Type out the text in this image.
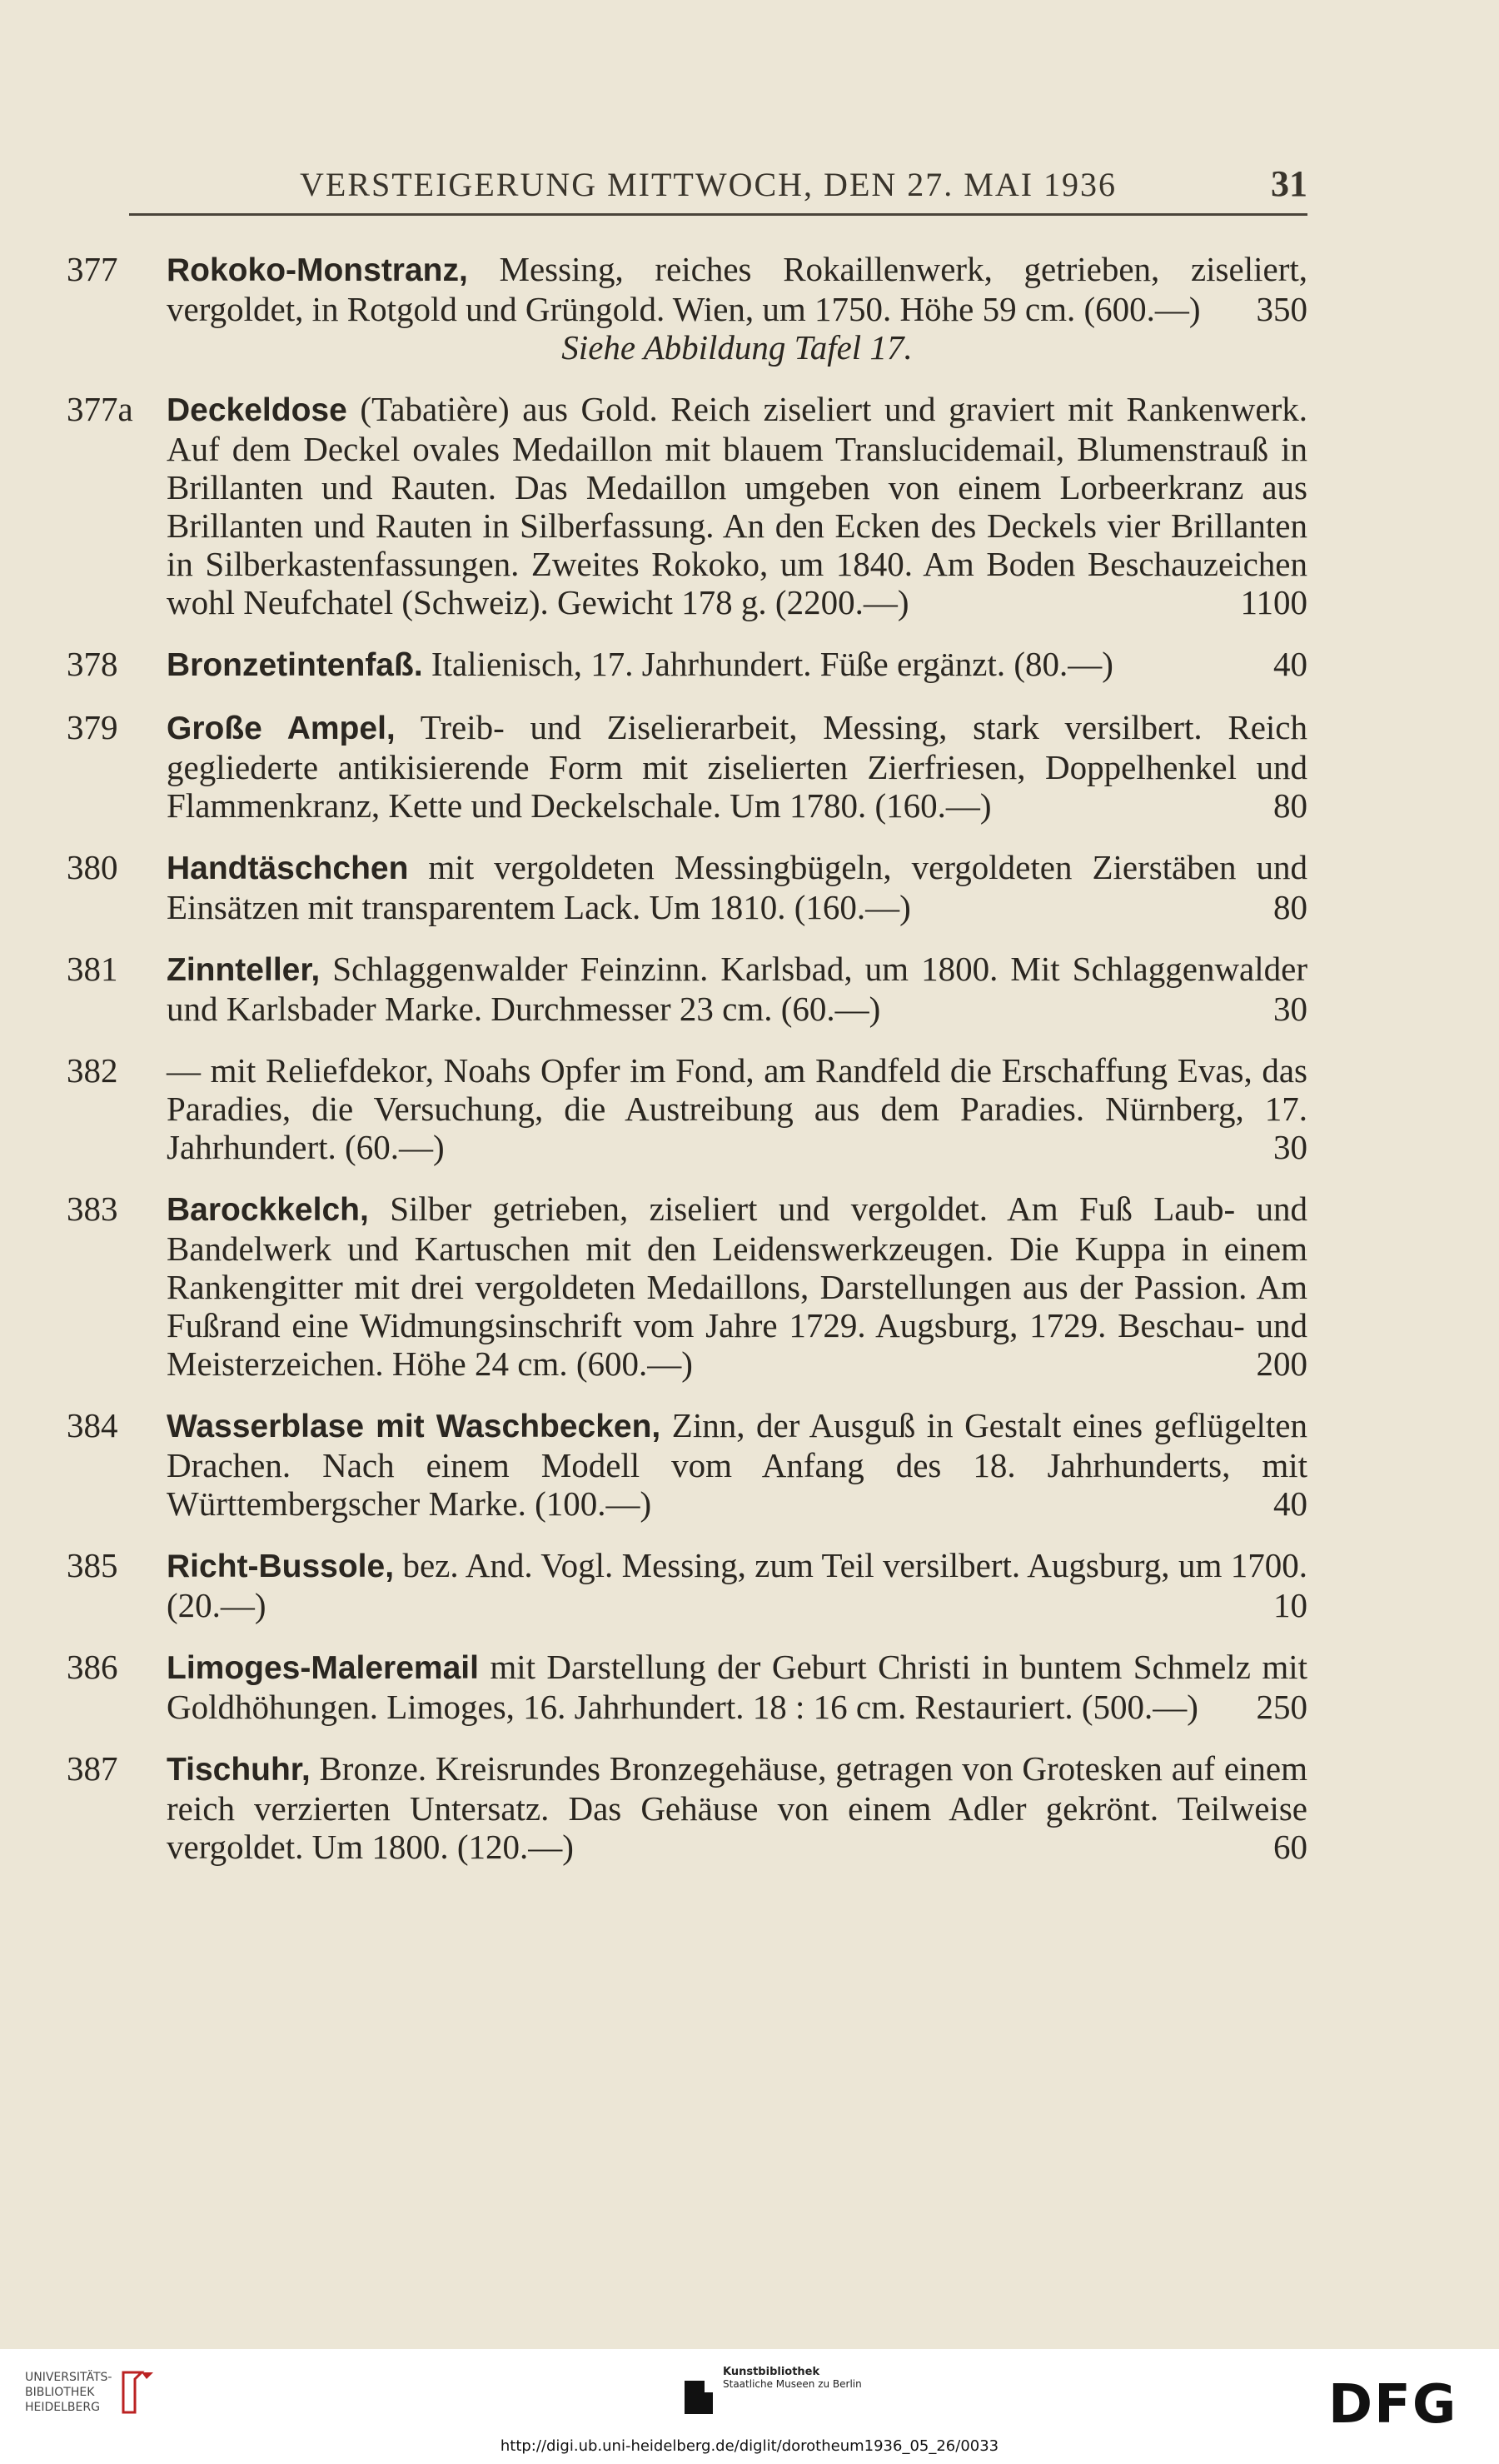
VERSTEIGERUNG MITTWOCH, DEN 27. MAI 1936	31
377	Rokoko-Monstranz, Messing, reiches Rokaillenwerk, getrieben, ziseliert, vergoldet, in Rotgold und Grüngold. Wien, um 1750. Höhe 59 cm. (600.—) 350
Siehe Abbildung Tafel 17.
377a	Deckeldose (Tabatière) aus Gold. Reich ziseliert und graviert mit Rankenwerk. Auf dem Deckel ovales Medaillon mit blauem Translucidemail, Blumenstrauß in Brillanten und Rauten. Das Medaillon umgeben von einem Lorbeerkranz aus Brillanten und Rauten in Silberfassung. An den Ecken des Deckels vier Brillanten in Silberkastenfassungen. Zweites Rokoko, um 1840. Am Boden Beschauzeichen wohl Neufchatel (Schweiz). Gewicht 178 g. (2200.—)	1100
378	Bronzetintenfaß. Italienisch, 17. Jahrhundert. Füße ergänzt. (80.—)	40
379	Große Ampel, Treib- und Ziselierarbeit, Messing, stark versilbert. Reich gegliederte antikisierende Form mit ziselierten Zierfriesen, Doppelhenkel und Flammenkranz, Kette und Deckelschale. Um 1780. (160.—)	80
380	Handtäschchen mit vergoldeten Messingbügeln, vergoldeten Zierstäben und Einsätzen mit transparentem Lack. Um 1810. (160.—)	80
381	Zinnteller, Schlaggenwalder Feinzinn. Karlsbad, um 1800. Mit Schlaggenwalder und Karlsbader Marke. Durchmesser 23 cm. (60.—)	30
382	— mit Reliefdekor, Noahs Opfer im Fond, am Randfeld die Erschaffung Evas, das Paradies, die Versuchung, die Austreibung aus dem Paradies. Nürnberg, 17. Jahrhundert. (60.—)	30
383	Barockkelch, Silber getrieben, ziseliert und vergoldet. Am Fuß Laub- und Bandelwerk und Kartuschen mit den Leidenswerkzeugen. Die Kuppa in einem Rankengitter mit drei vergoldeten Medaillons, Darstellungen aus der Passion. Am Fußrand eine Widmungsinschrift vom Jahre 1729. Augsburg, 1729. Beschau- und Meisterzeichen. Höhe 24 cm. (600.—)	200
384	Wasserblase mit Waschbecken, Zinn, der Ausguß in Gestalt eines geflügelten Drachen. Nach einem Modell vom Anfang des 18. Jahrhunderts, mit Württembergscher Marke. (100.—)	40
385	Richt-Bussole, bez. And. Vogl. Messing, zum Teil versilbert. Augsburg, um 1700. (20.—)	10
386	Limoges-Maleremail mit Darstellung der Geburt Christi in buntem Schmelz mit Goldhöhungen. Limoges, 16. Jahrhundert. 18 : 16 cm. Restauriert. (500.—) 250
387	Tischuhr, Bronze. Kreisrundes Bronzegehäuse, getragen von Grotesken auf einem reich verzierten Untersatz. Das Gehäuse von einem Adler gekrönt. Teilweise vergoldet. Um 1800. (120.—)	60
UNIVERSITÄTS-
BIBLIOTHEK
HEIDELBERG
Kunstbibliothek
Staatliche Museen zu Berlin	DFG
http://digi.ub.uni-heidelberg.de/diglit/dorotheum1936_05_26/0033
